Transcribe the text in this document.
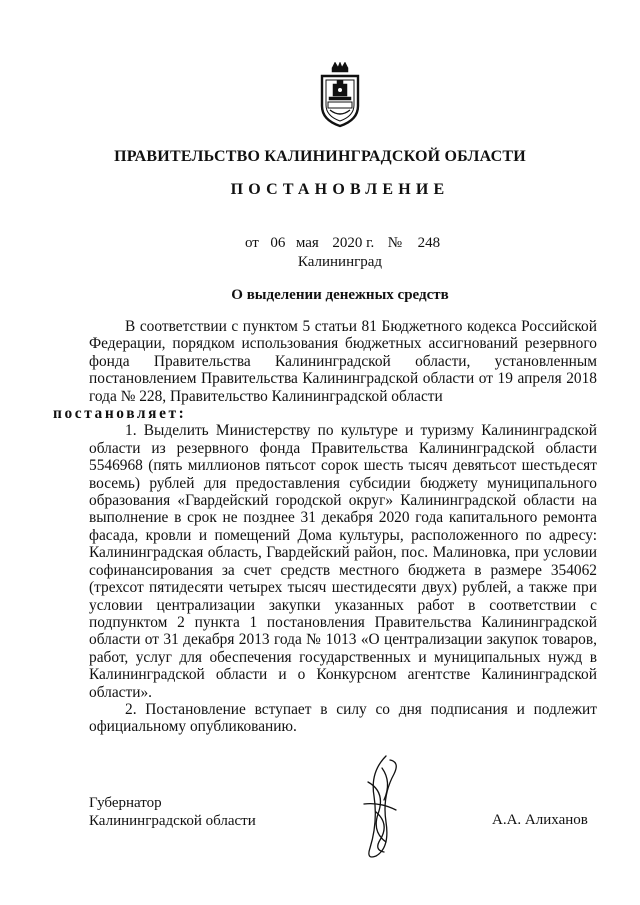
ПРАВИТЕЛЬСТВО КАЛИНИНГРАДСКОЙ ОБЛАСТИ
ПОСТАНОВЛЕНИЕ
от 06 мая 2020 г. № 248
Калининград
О выделении денежных средств

В соответствии с пунктом 5 статьи 81 Бюджетного кодекса Российской Федерации, порядком использования бюджетных ассигнований резервного фонда Правительства Калининградской области, установленным постановлением Правительства Калининградской области от 19 апреля 2018 года № 228, Правительство Калининградской области
постановляет:

1. Выделить Министерству по культуре и туризму Калининградской области из резервного фонда Правительства Калининградской области 5546968 (пять миллионов пятьсот сорок шесть тысяч девятьсот шестьдесят восемь) рублей для предоставления субсидии бюджету муниципального образования «Гвардейский городской округ» Калининградской области на выполнение в срок не позднее 31 декабря 2020 года капитального ремонта фасада, кровли и помещений Дома культуры, расположенного по адресу: Калининградская область, Гвардейский район, пос. Малиновка, при условии софинансирования за счет средств местного бюджета в размере 354062 (трехсот пятидесяти четырех тысяч шестидесяти двух) рублей, а также при условии централизации закупки указанных работ в соответствии с подпунктом 2 пункта 1 постановления Правительства Калининградской области от 31 декабря 2013 года № 1013 «О централизации закупок товаров, работ, услуг для обеспечения государственных и муниципальных нужд в Калининградской области и о Конкурсном агентстве Калининградской области».

2. Постановление вступает в силу со дня подписания и подлежит официальному опубликованию.

Губернатор
Калининградской области	А.А. Алиханов
